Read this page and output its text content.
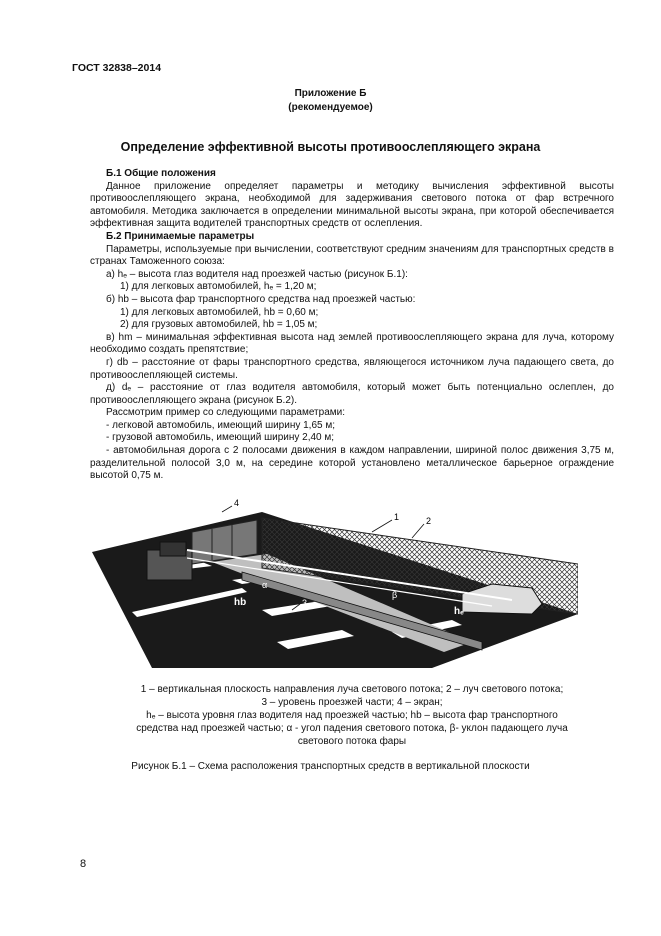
ГОСТ 32838–2014
Приложение Б
(рекомендуемое)
Определение эффективной высоты противоослепляющего экрана

Б.1 Общие положения

Данное приложение определяет параметры и методику вычисления эффективной высоты противоослепляющего экрана, необходимой для задерживания светового потока от фар встречного автомобиля. Методика заключается в определении минимальной высоты экрана, при которой обеспечивается эффективная защита водителей транспортных средств от ослепления.

Б.2 Принимаемые параметры

Параметры, используемые при вычислении, соответствуют средним значениям для транспортных средств в странах Таможенного союза:

а) hₑ – высота глаз водителя над проезжей частью (рисунок Б.1):

1) для легковых автомобилей, hₑ = 1,20 м;

б) hb – высота фар транспортного средства над проезжей частью:

1) для легковых автомобилей, hb = 0,60 м;

2) для грузовых автомобилей, hb = 1,05 м;

в) hm – минимальная эффективная высота над землей противоослепляющего экрана для луча, которому необходимо создать препятствие;

г) db – расстояние от фары транспортного средства, являющегося источником луча падающего света, до противоослепляющей системы.

д) dₑ – расстояние от глаз водителя автомобиля, который может быть потенциально ослеплен, до противоослепляющего экрана (рисунок Б.2).

Рассмотрим пример со следующими параметрами:

- легковой автомобиль, имеющий ширину 1,65 м;

- грузовой автомобиль, имеющий ширину 2,40 м;

- автомобильная дорога с 2 полосами движения в каждом направлении, шириной полос движения 3,75 м, разделительной полосой 3,0 м, на середине которой установлено металлическое барьерное ограждение высотой 0,75 м.

1	2
3
4
hb
hₑ
α
β
1 – вертикальная плоскость направления луча светового потока; 2 – луч светового потока;
3 – уровень проезжей части; 4 – экран;
hₑ – высота уровня глаз водителя над проезжей частью; hb – высота фар транспортного
средства над проезжей частью; α - угол падения светового потока, β- уклон падающего луча
светового потока фары
Рисунок Б.1 – Схема расположения транспортных средств в вертикальной плоскости
8
